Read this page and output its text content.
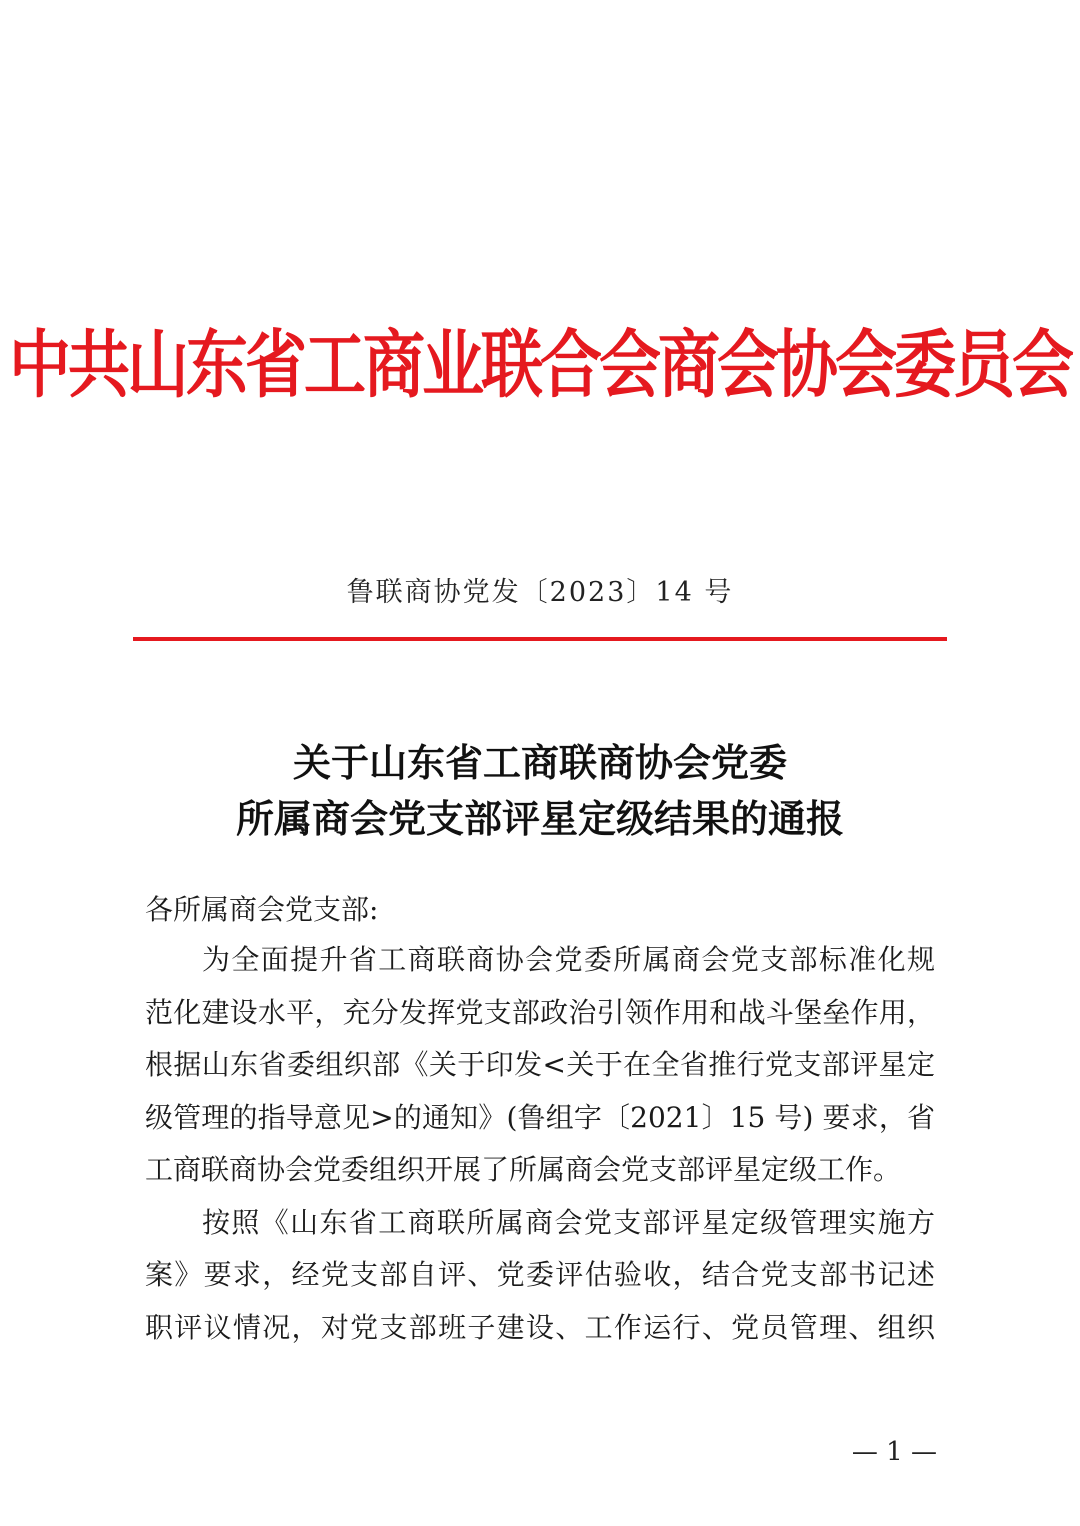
中共山东省工商业联合会商会协会委员会
鲁联商协党发〔2023〕14 号
关于山东省工商联商协会党委
所属商会党支部评星定级结果的通报
各所属商会党支部:
为全面提升省工商联商协会党委所属商会党支部标准化规
范化建设水平，充分发挥党支部政治引领作用和战斗堡垒作用，
根据山东省委组织部《关于印发<关于在全省推行党支部评星定
级管理的指导意见>的通知》(鲁组字〔2021〕15 号) 要求，省
工商联商协会党委组织开展了所属商会党支部评星定级工作。
按照《山东省工商联所属商会党支部评星定级管理实施方
案》要求，经党支部自评、党委评估验收，结合党支部书记述
职评议情况，对党支部班子建设、工作运行、党员管理、组织
— 1 —
